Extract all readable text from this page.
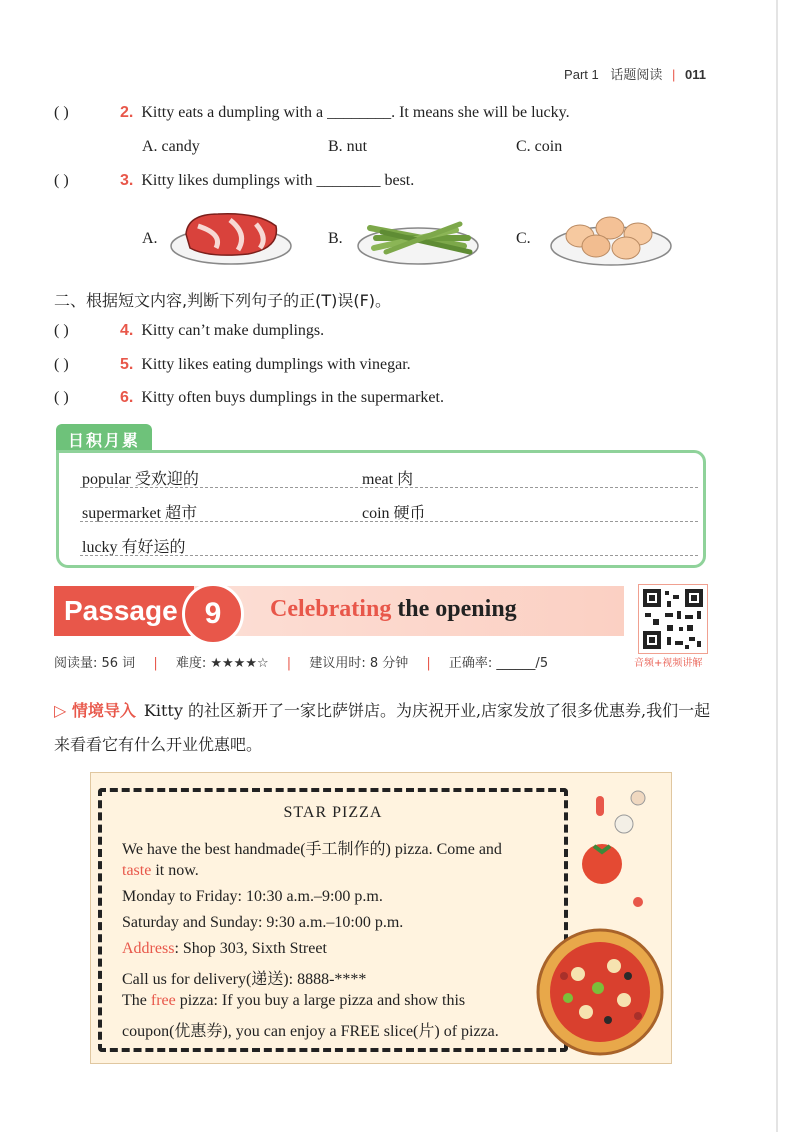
Part 1 话题阅读 | 011
( )	2. Kitty eats a dumpling with a ________. It means she will be lucky.
A. candy	B. nut	C. coin
( )	3. Kitty likes dumplings with ________ best.
A.	B.	C.
二、根据短文内容,判断下列句子的正(T)误(F)。
( )	4. Kitty can’t make dumplings.
( )	5. Kitty likes eating dumplings with vinegar.
( )	6. Kitty often buys dumplings in the supermarket.
日积月累
popular 受欢迎的	meat 肉
supermarket 超市	coin 硬币
lucky 有好运的
Passage 9	Celebrating the opening
音频+视频讲解
阅读量: 56 词 | 难度: ★★★★☆ | 建议用时: 8 分钟 | 正确率: ______/5
▷ 情境导入 Kitty 的社区新开了一家比萨饼店。为庆祝开业,店家发放了很多优惠券,我们一起来看看它有什么开业优惠吧。
STAR PIZZA
We have the best handmade(手工制作的) pizza. Come and
taste it now.
Monday to Friday: 10:30 a.m.–9:00 p.m.
Saturday and Sunday: 9:30 a.m.–10:00 p.m.
Address: Shop 303, Sixth Street
Call us for delivery(递送): 8888-****
The free pizza: If you buy a large pizza and show this
coupon(优惠券), you can enjoy a FREE slice(片) of pizza.
